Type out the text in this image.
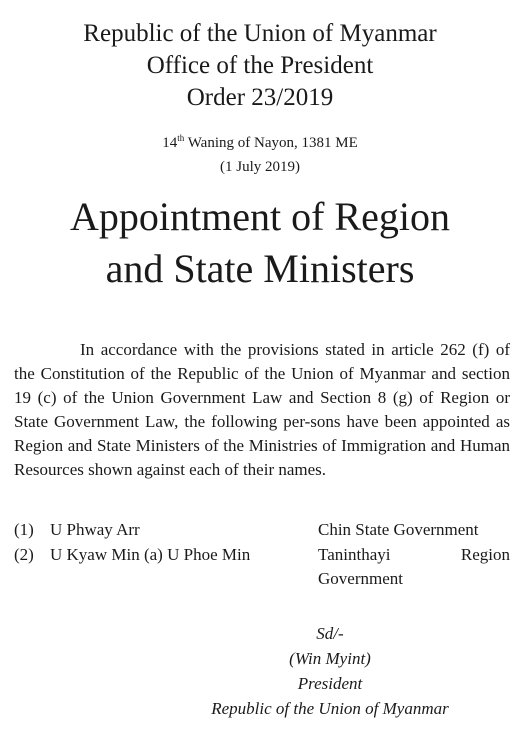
Republic of the Union of Myanmar
Office of the President
Order 23/2019
14th Waning of Nayon, 1381 ME
(1 July 2019)
Appointment of Region
and State Ministers
In accordance with the provisions stated in article 262 (f) of the Constitution of the Republic of the Union of Myanmar and section 19 (c) of the Union Government Law and Section 8 (g) of Region or State Government Law, the following per-sons have been appointed as Region and State Ministers of the Ministries of Immigration and Human Resources shown against each of their names.
(1) U Phway Arr	Chin State Government
(2) U Kyaw Min (a) U Phoe Min	Taninthayi Region
Government
Sd/-
(Win Myint)
President
Republic of the Union of Myanmar
